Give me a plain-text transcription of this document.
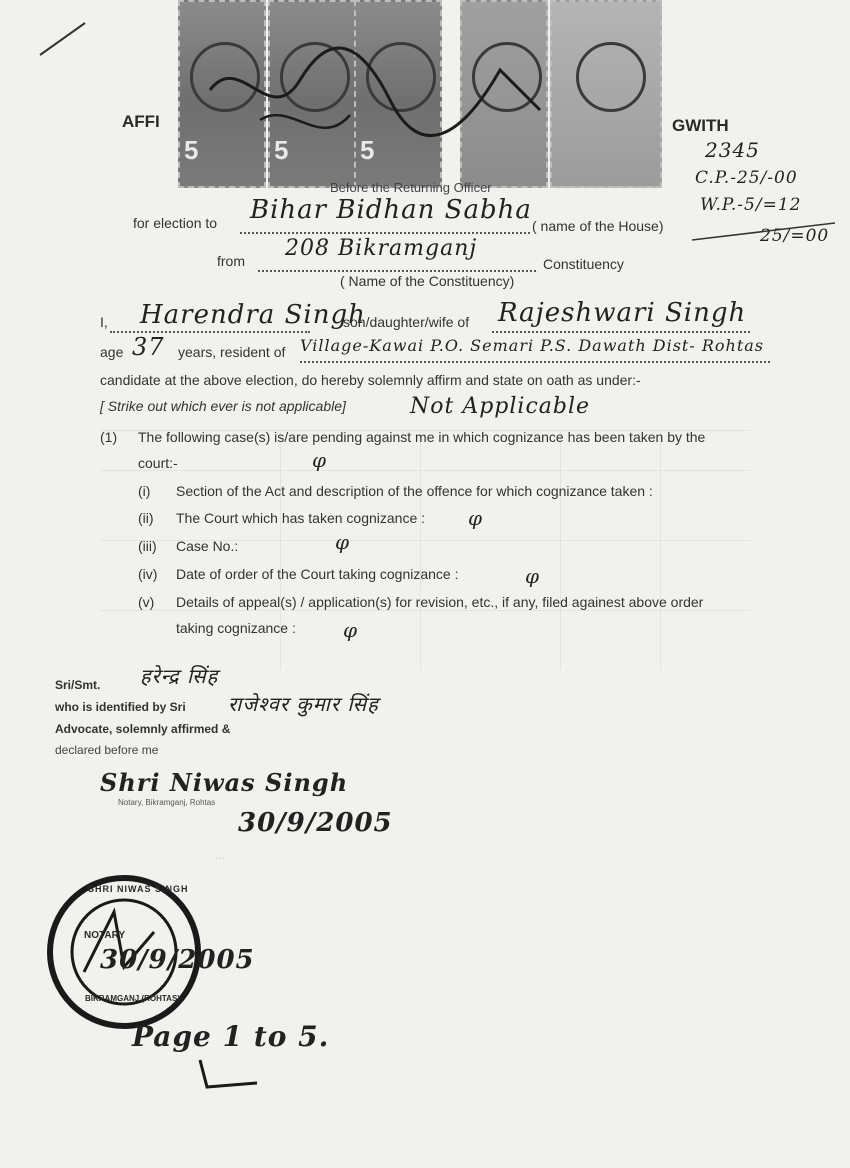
AFFI	GWITH
5	5	5
Before the Returning Officer
2345
C.P.-25/-00
W.P.-5/=12
25/=00
for election to Bihar Bidhan Sabha
( name of the House)
from 208 Bikramganj
Constituency
( Name of the Constituency)
I, Harendra Singh
son/daughter/wife of Rajeshwari Singh
age 37 years, resident of Village-Kawai P.O. Semari P.S. Dawath Dist- Rohtas
candidate at the above election, do hereby solemnly affirm and state on oath as under:-
[ Strike out which ever is not applicable]	Not Applicable
(1) The following case(s) is/are pending against me in which cognizance has been taken by the
court:-	φ
(i) Section of the Act and description of the offence for which cognizance taken :
(ii) The Court which has taken cognizance : φ
(iii) Case No.:	φ
(iv) Date of order of the Court taking cognizance :	φ
(v) Details of appeal(s) / application(s) for revision, etc., if any, filed againest above order
taking cognizance : φ
Sri/Smt. हरेन्द्र सिंह
who is identified by Sri राजेश्वर कुमार सिंह
Advocate, solemnly affirmed &
declared before me
Shri Niwas Singh
Notary, Bikramganj, Rohtas
30/9/2005
...
SHRI NIWAS SINGH
BIKRAMGANJ (ROHTAS)
NOTARY
30/9/2005
Page 1 to 5.
